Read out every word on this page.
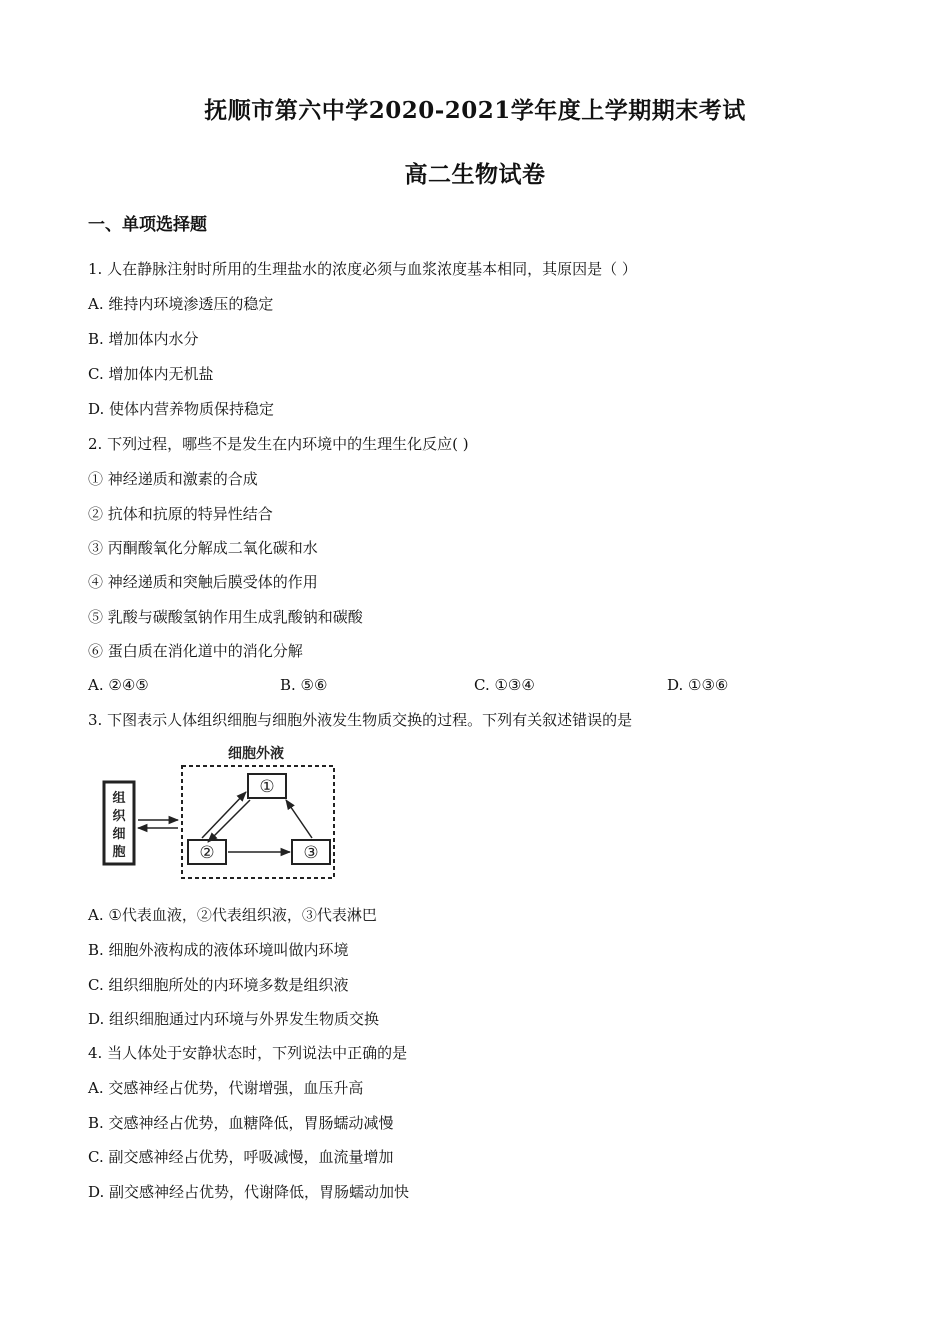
抚顺市第六中学2020-2021学年度上学期期末考试
高二生物试卷
一、单项选择题
1. 人在静脉注射时所用的生理盐水的浓度必须与血浆浓度基本相同，其原因是（ ）
A. 维持内环境渗透压的稳定
B. 增加体内水分
C. 增加体内无机盐
D. 使体内营养物质保持稳定
2. 下列过程，哪些不是发生在内环境中的生理生化反应( )
① 神经递质和激素的合成
② 抗体和抗原的特异性结合
③ 丙酮酸氧化分解成二氧化碳和水
④ 神经递质和突触后膜受体的作用
⑤ 乳酸与碳酸氢钠作用生成乳酸钠和碳酸
⑥ 蛋白质在消化道中的消化分解
A. ②④⑤	B. ⑤⑥	C. ①③④	D. ①③⑥
3. 下图表示人体组织细胞与细胞外液发生物质交换的过程。下列有关叙述错误的是
细胞外液
组
织
细
胞
①
②	③
A. ①代表血液，②代表组织液，③代表淋巴
B. 细胞外液构成的液体环境叫做内环境
C. 组织细胞所处的内环境多数是组织液
D. 组织细胞通过内环境与外界发生物质交换
4. 当人体处于安静状态时，下列说法中正确的是
A. 交感神经占优势，代谢增强，血压升高
B. 交感神经占优势，血糖降低，胃肠蠕动减慢
C. 副交感神经占优势，呼吸减慢，血流量增加
D. 副交感神经占优势，代谢降低，胃肠蠕动加快
